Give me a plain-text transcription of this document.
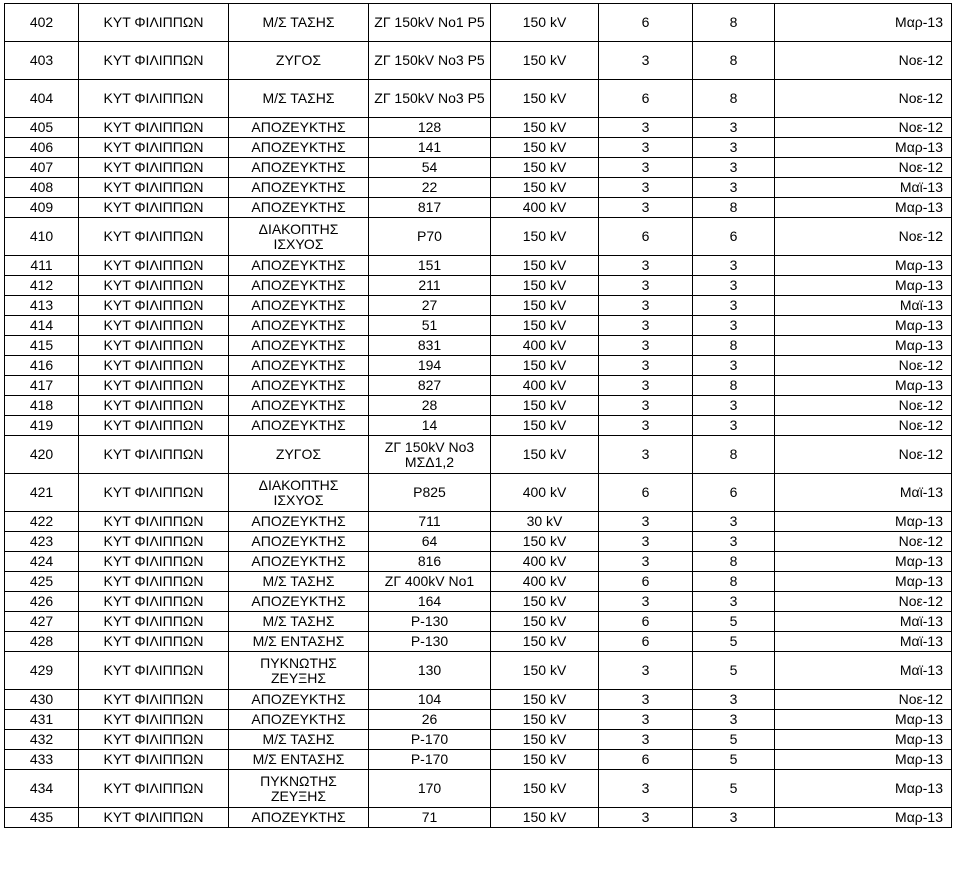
402	ΚΥΤ ΦΙΛΙΠΠΩΝ	Μ/Σ ΤΑΣΗΣ	ΖΓ 150kV Νο1 Ρ5	150 kV	6	8	Μαρ-13
403	ΚΥΤ ΦΙΛΙΠΠΩΝ	ΖΥΓΟΣ	ΖΓ 150kV Νο3 Ρ5	150 kV	3	8	Νοε-12
404	ΚΥΤ ΦΙΛΙΠΠΩΝ	Μ/Σ ΤΑΣΗΣ	ΖΓ 150kV Νο3 Ρ5	150 kV	6	8	Νοε-12
405	ΚΥΤ ΦΙΛΙΠΠΩΝ	ΑΠΟΖΕΥΚΤΗΣ	128	150 kV	3	3	Νοε-12
406	ΚΥΤ ΦΙΛΙΠΠΩΝ	ΑΠΟΖΕΥΚΤΗΣ	141	150 kV	3	3	Μαρ-13
407	ΚΥΤ ΦΙΛΙΠΠΩΝ	ΑΠΟΖΕΥΚΤΗΣ	54	150 kV	3	3	Νοε-12
408	ΚΥΤ ΦΙΛΙΠΠΩΝ	ΑΠΟΖΕΥΚΤΗΣ	22	150 kV	3	3	Μαϊ-13
409	ΚΥΤ ΦΙΛΙΠΠΩΝ	ΑΠΟΖΕΥΚΤΗΣ	817	400 kV	3	8	Μαρ-13
410	ΚΥΤ ΦΙΛΙΠΠΩΝ	ΔΙΑΚΟΠΤΗΣ ΙΣΧΥΟΣ	Ρ70	150 kV	6	6	Νοε-12
411	ΚΥΤ ΦΙΛΙΠΠΩΝ	ΑΠΟΖΕΥΚΤΗΣ	151	150 kV	3	3	Μαρ-13
412	ΚΥΤ ΦΙΛΙΠΠΩΝ	ΑΠΟΖΕΥΚΤΗΣ	211	150 kV	3	3	Μαρ-13
413	ΚΥΤ ΦΙΛΙΠΠΩΝ	ΑΠΟΖΕΥΚΤΗΣ	27	150 kV	3	3	Μαϊ-13
414	ΚΥΤ ΦΙΛΙΠΠΩΝ	ΑΠΟΖΕΥΚΤΗΣ	51	150 kV	3	3	Μαρ-13
415	ΚΥΤ ΦΙΛΙΠΠΩΝ	ΑΠΟΖΕΥΚΤΗΣ	831	400 kV	3	8	Μαρ-13
416	ΚΥΤ ΦΙΛΙΠΠΩΝ	ΑΠΟΖΕΥΚΤΗΣ	194	150 kV	3	3	Νοε-12
417	ΚΥΤ ΦΙΛΙΠΠΩΝ	ΑΠΟΖΕΥΚΤΗΣ	827	400 kV	3	8	Μαρ-13
418	ΚΥΤ ΦΙΛΙΠΠΩΝ	ΑΠΟΖΕΥΚΤΗΣ	28	150 kV	3	3	Νοε-12
419	ΚΥΤ ΦΙΛΙΠΠΩΝ	ΑΠΟΖΕΥΚΤΗΣ	14	150 kV	3	3	Νοε-12
420	ΚΥΤ ΦΙΛΙΠΠΩΝ	ΖΥΓΟΣ	ΖΓ 150kV Νο3 ΜΣΔ1,2	150 kV	3	8	Νοε-12
421	ΚΥΤ ΦΙΛΙΠΠΩΝ	ΔΙΑΚΟΠΤΗΣ ΙΣΧΥΟΣ	Ρ825	400 kV	6	6	Μαϊ-13
422	ΚΥΤ ΦΙΛΙΠΠΩΝ	ΑΠΟΖΕΥΚΤΗΣ	711	30 kV	3	3	Μαρ-13
423	ΚΥΤ ΦΙΛΙΠΠΩΝ	ΑΠΟΖΕΥΚΤΗΣ	64	150 kV	3	3	Νοε-12
424	ΚΥΤ ΦΙΛΙΠΠΩΝ	ΑΠΟΖΕΥΚΤΗΣ	816	400 kV	3	8	Μαρ-13
425	ΚΥΤ ΦΙΛΙΠΠΩΝ	Μ/Σ ΤΑΣΗΣ	ΖΓ 400kV Νο1	400 kV	6	8	Μαρ-13
426	ΚΥΤ ΦΙΛΙΠΠΩΝ	ΑΠΟΖΕΥΚΤΗΣ	164	150 kV	3	3	Νοε-12
427	ΚΥΤ ΦΙΛΙΠΠΩΝ	Μ/Σ ΤΑΣΗΣ	Ρ-130	150 kV	6	5	Μαϊ-13
428	ΚΥΤ ΦΙΛΙΠΠΩΝ	Μ/Σ ΕΝΤΑΣΗΣ	Ρ-130	150 kV	6	5	Μαϊ-13
429	ΚΥΤ ΦΙΛΙΠΠΩΝ	ΠΥΚΝΩΤΗΣ ΖΕΥΞΗΣ	130	150 kV	3	5	Μαϊ-13
430	ΚΥΤ ΦΙΛΙΠΠΩΝ	ΑΠΟΖΕΥΚΤΗΣ	104	150 kV	3	3	Νοε-12
431	ΚΥΤ ΦΙΛΙΠΠΩΝ	ΑΠΟΖΕΥΚΤΗΣ	26	150 kV	3	3	Μαρ-13
432	ΚΥΤ ΦΙΛΙΠΠΩΝ	Μ/Σ ΤΑΣΗΣ	Ρ-170	150 kV	3	5	Μαρ-13
433	ΚΥΤ ΦΙΛΙΠΠΩΝ	Μ/Σ ΕΝΤΑΣΗΣ	Ρ-170	150 kV	6	5	Μαρ-13
434	ΚΥΤ ΦΙΛΙΠΠΩΝ	ΠΥΚΝΩΤΗΣ ΖΕΥΞΗΣ	170	150 kV	3	5	Μαρ-13
435	ΚΥΤ ΦΙΛΙΠΠΩΝ	ΑΠΟΖΕΥΚΤΗΣ	71	150 kV	3	3	Μαρ-13
